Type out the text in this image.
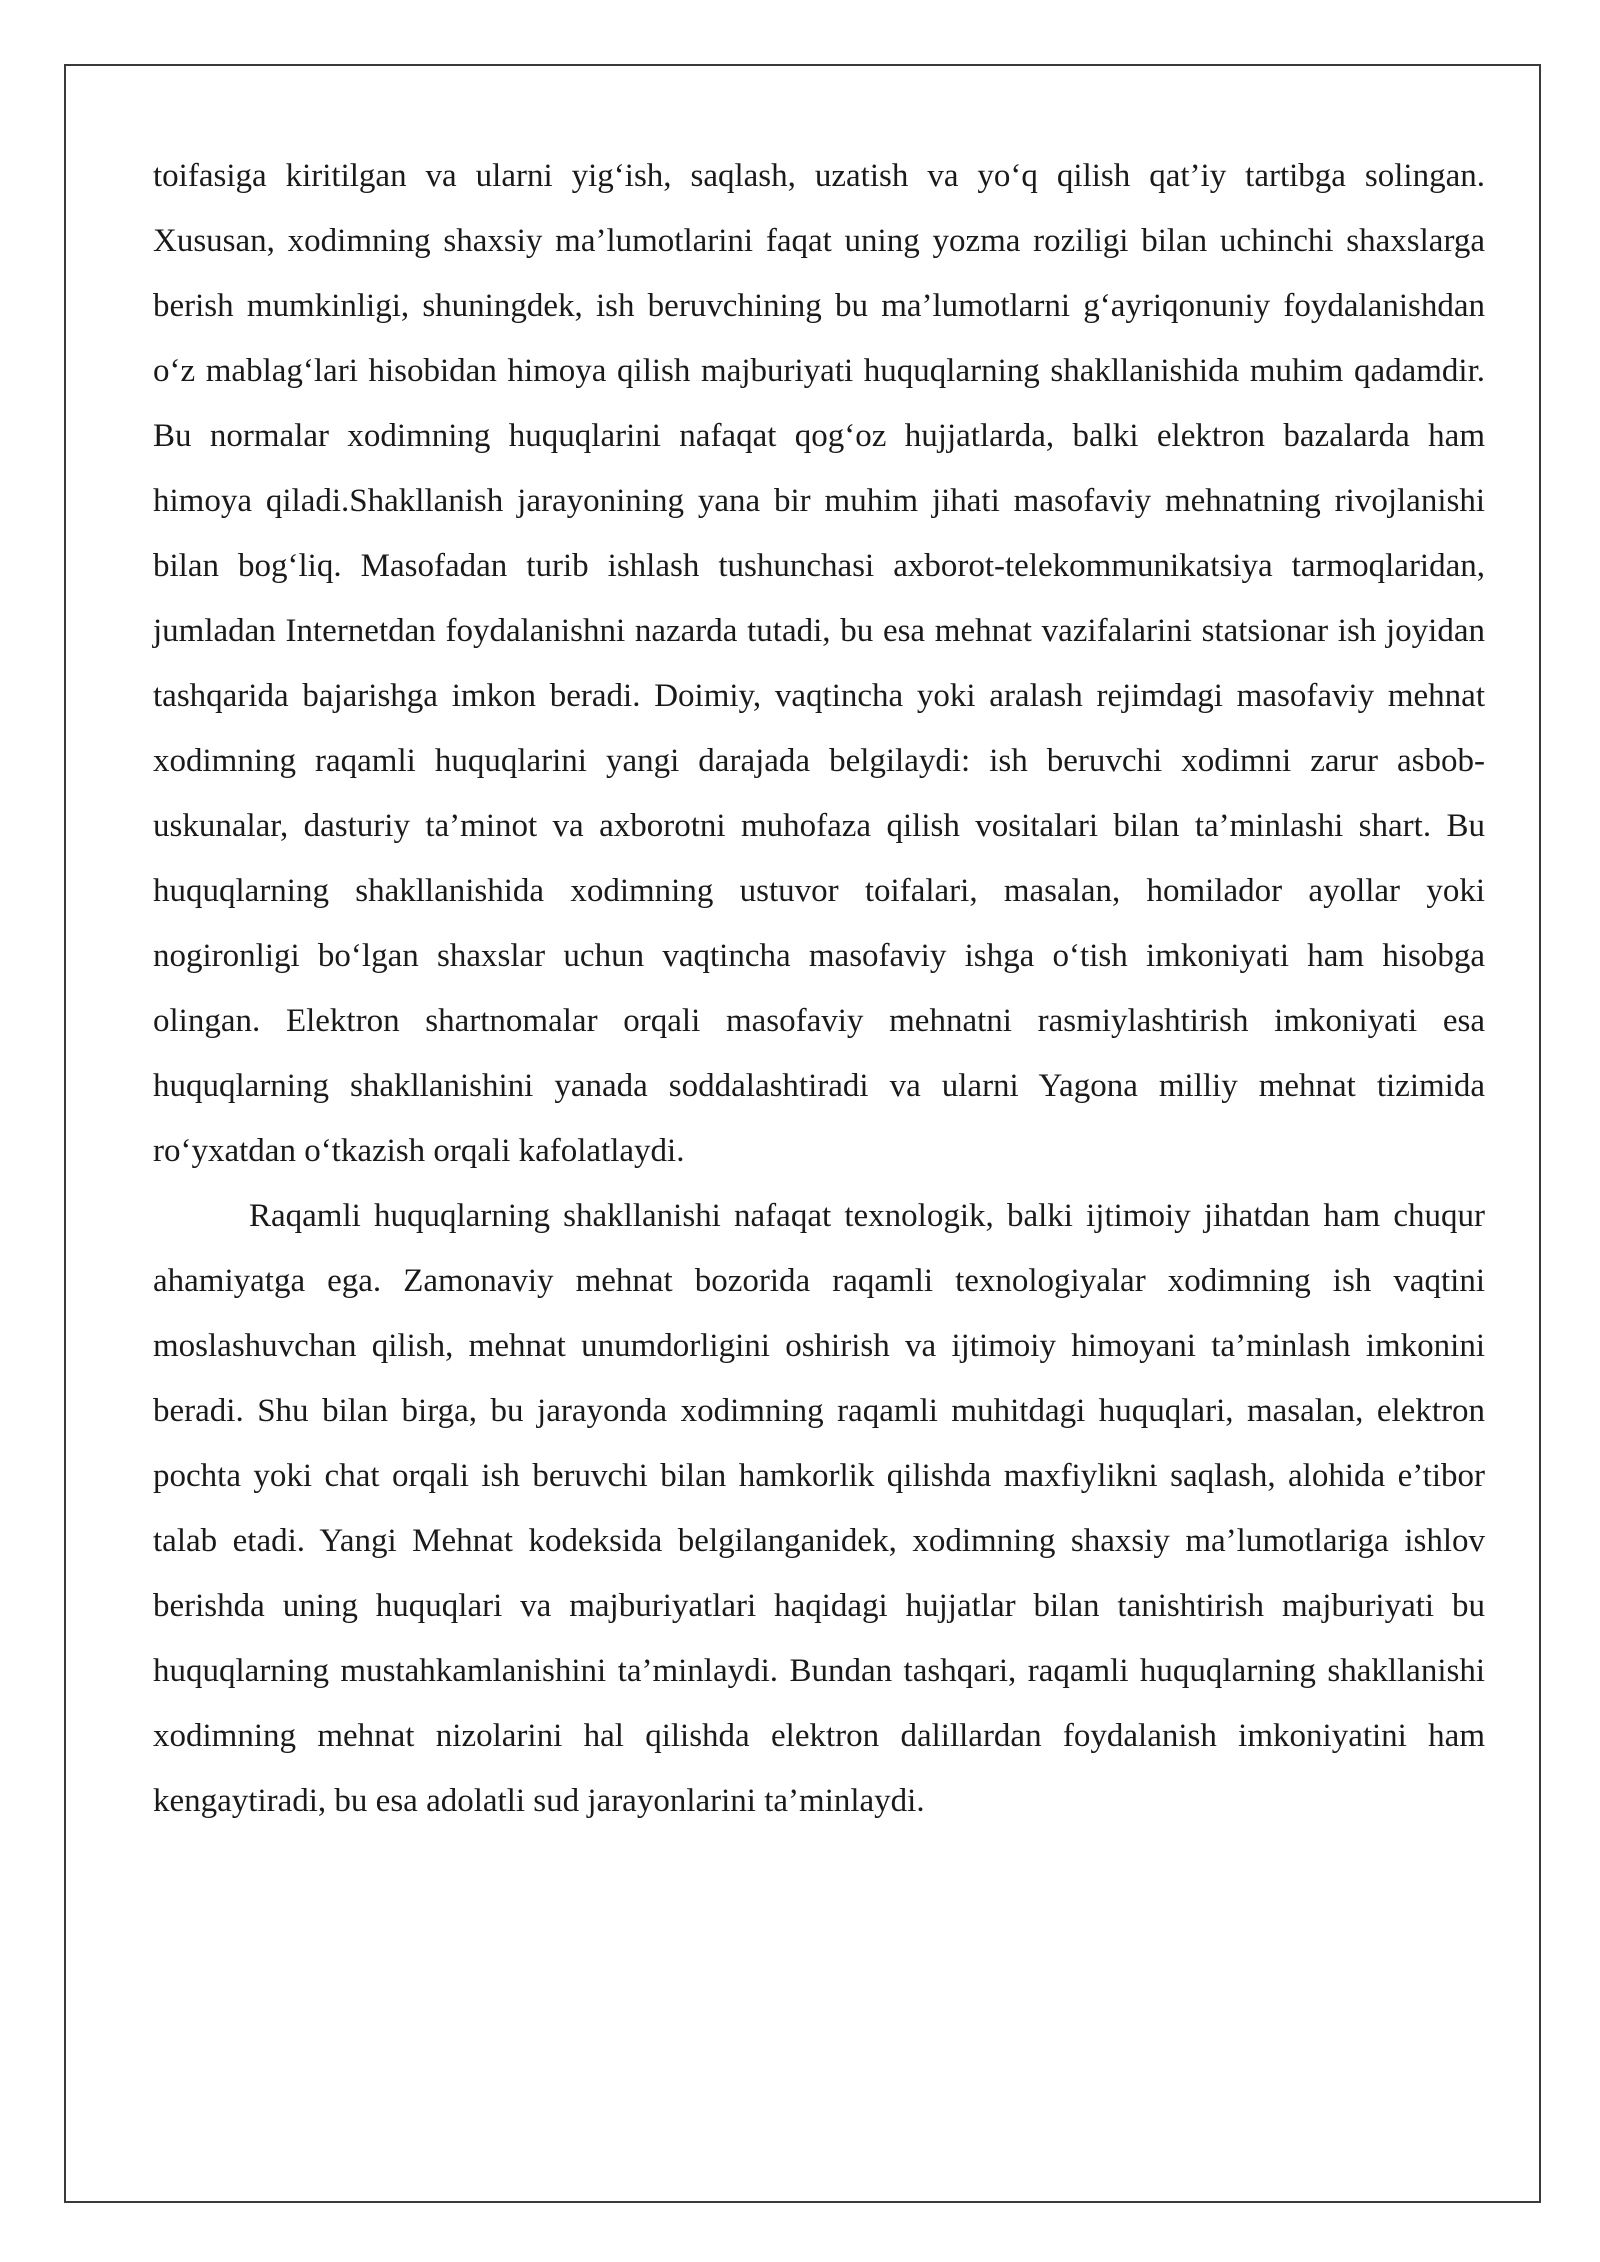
toifasiga kiritilgan va ularni yig‘ish, saqlash, uzatish va yo‘q qilish qat’iy tartibga solingan. Xususan, xodimning shaxsiy ma’lumotlarini faqat uning yozma roziligi bilan uchinchi shaxslarga berish mumkinligi, shuningdek, ish beruvchining bu ma’lumotlarni g‘ayriqonuniy foydalanishdan o‘z mablag‘lari hisobidan himoya qilish majburiyati huquqlarning shakllanishida muhim qadamdir. Bu normalar xodimning huquqlarini nafaqat qog‘oz hujjatlarda, balki elektron bazalarda ham himoya qiladi.Shakllanish jarayonining yana bir muhim jihati masofaviy mehnatning rivojlanishi bilan bog‘liq. Masofadan turib ishlash tushunchasi axborot-telekommunikatsiya tarmoqlaridan, jumladan Internetdan foydalanishni nazarda tutadi, bu esa mehnat vazifalarini statsionar ish joyidan tashqarida bajarishga imkon beradi. Doimiy, vaqtincha yoki aralash rejimdagi masofaviy mehnat xodimning raqamli huquqlarini yangi darajada belgilaydi: ish beruvchi xodimni zarur asbob-uskunalar, dasturiy ta’minot va axborotni muhofaza qilish vositalari bilan ta’minlashi shart. Bu huquqlarning shakllanishida xodimning ustuvor toifalari, masalan, homilador ayollar yoki nogironligi bo‘lgan shaxslar uchun vaqtincha masofaviy ishga o‘tish imkoniyati ham hisobga olingan. Elektron shartnomalar orqali masofaviy mehnatni rasmiylashtirish imkoniyati esa huquqlarning shakllanishini yanada soddalashtiradi va ularni Yagona milliy mehnat tizimida ro‘yxatdan o‘tkazish orqali kafolatlaydi.

Raqamli huquqlarning shakllanishi nafaqat texnologik, balki ijtimoiy jihatdan ham chuqur ahamiyatga ega. Zamonaviy mehnat bozorida raqamli texnologiyalar xodimning ish vaqtini moslashuvchan qilish, mehnat unumdorligini oshirish va ijtimoiy himoyani ta’minlash imkonini beradi. Shu bilan birga, bu jarayonda xodimning raqamli muhitdagi huquqlari, masalan, elektron pochta yoki chat orqali ish beruvchi bilan hamkorlik qilishda maxfiylikni saqlash, alohida e’tibor talab etadi. Yangi Mehnat kodeksida belgilanganidek, xodimning shaxsiy ma’lumotlariga ishlov berishda uning huquqlari va majburiyatlari haqidagi hujjatlar bilan tanishtirish majburiyati bu huquqlarning mustahkamlanishini ta’minlaydi. Bundan tashqari, raqamli huquqlarning shakllanishi xodimning mehnat nizolarini hal qilishda elektron dalillardan foydalanish imkoniyatini ham kengaytiradi, bu esa adolatli sud jarayonlarini ta’minlaydi.
